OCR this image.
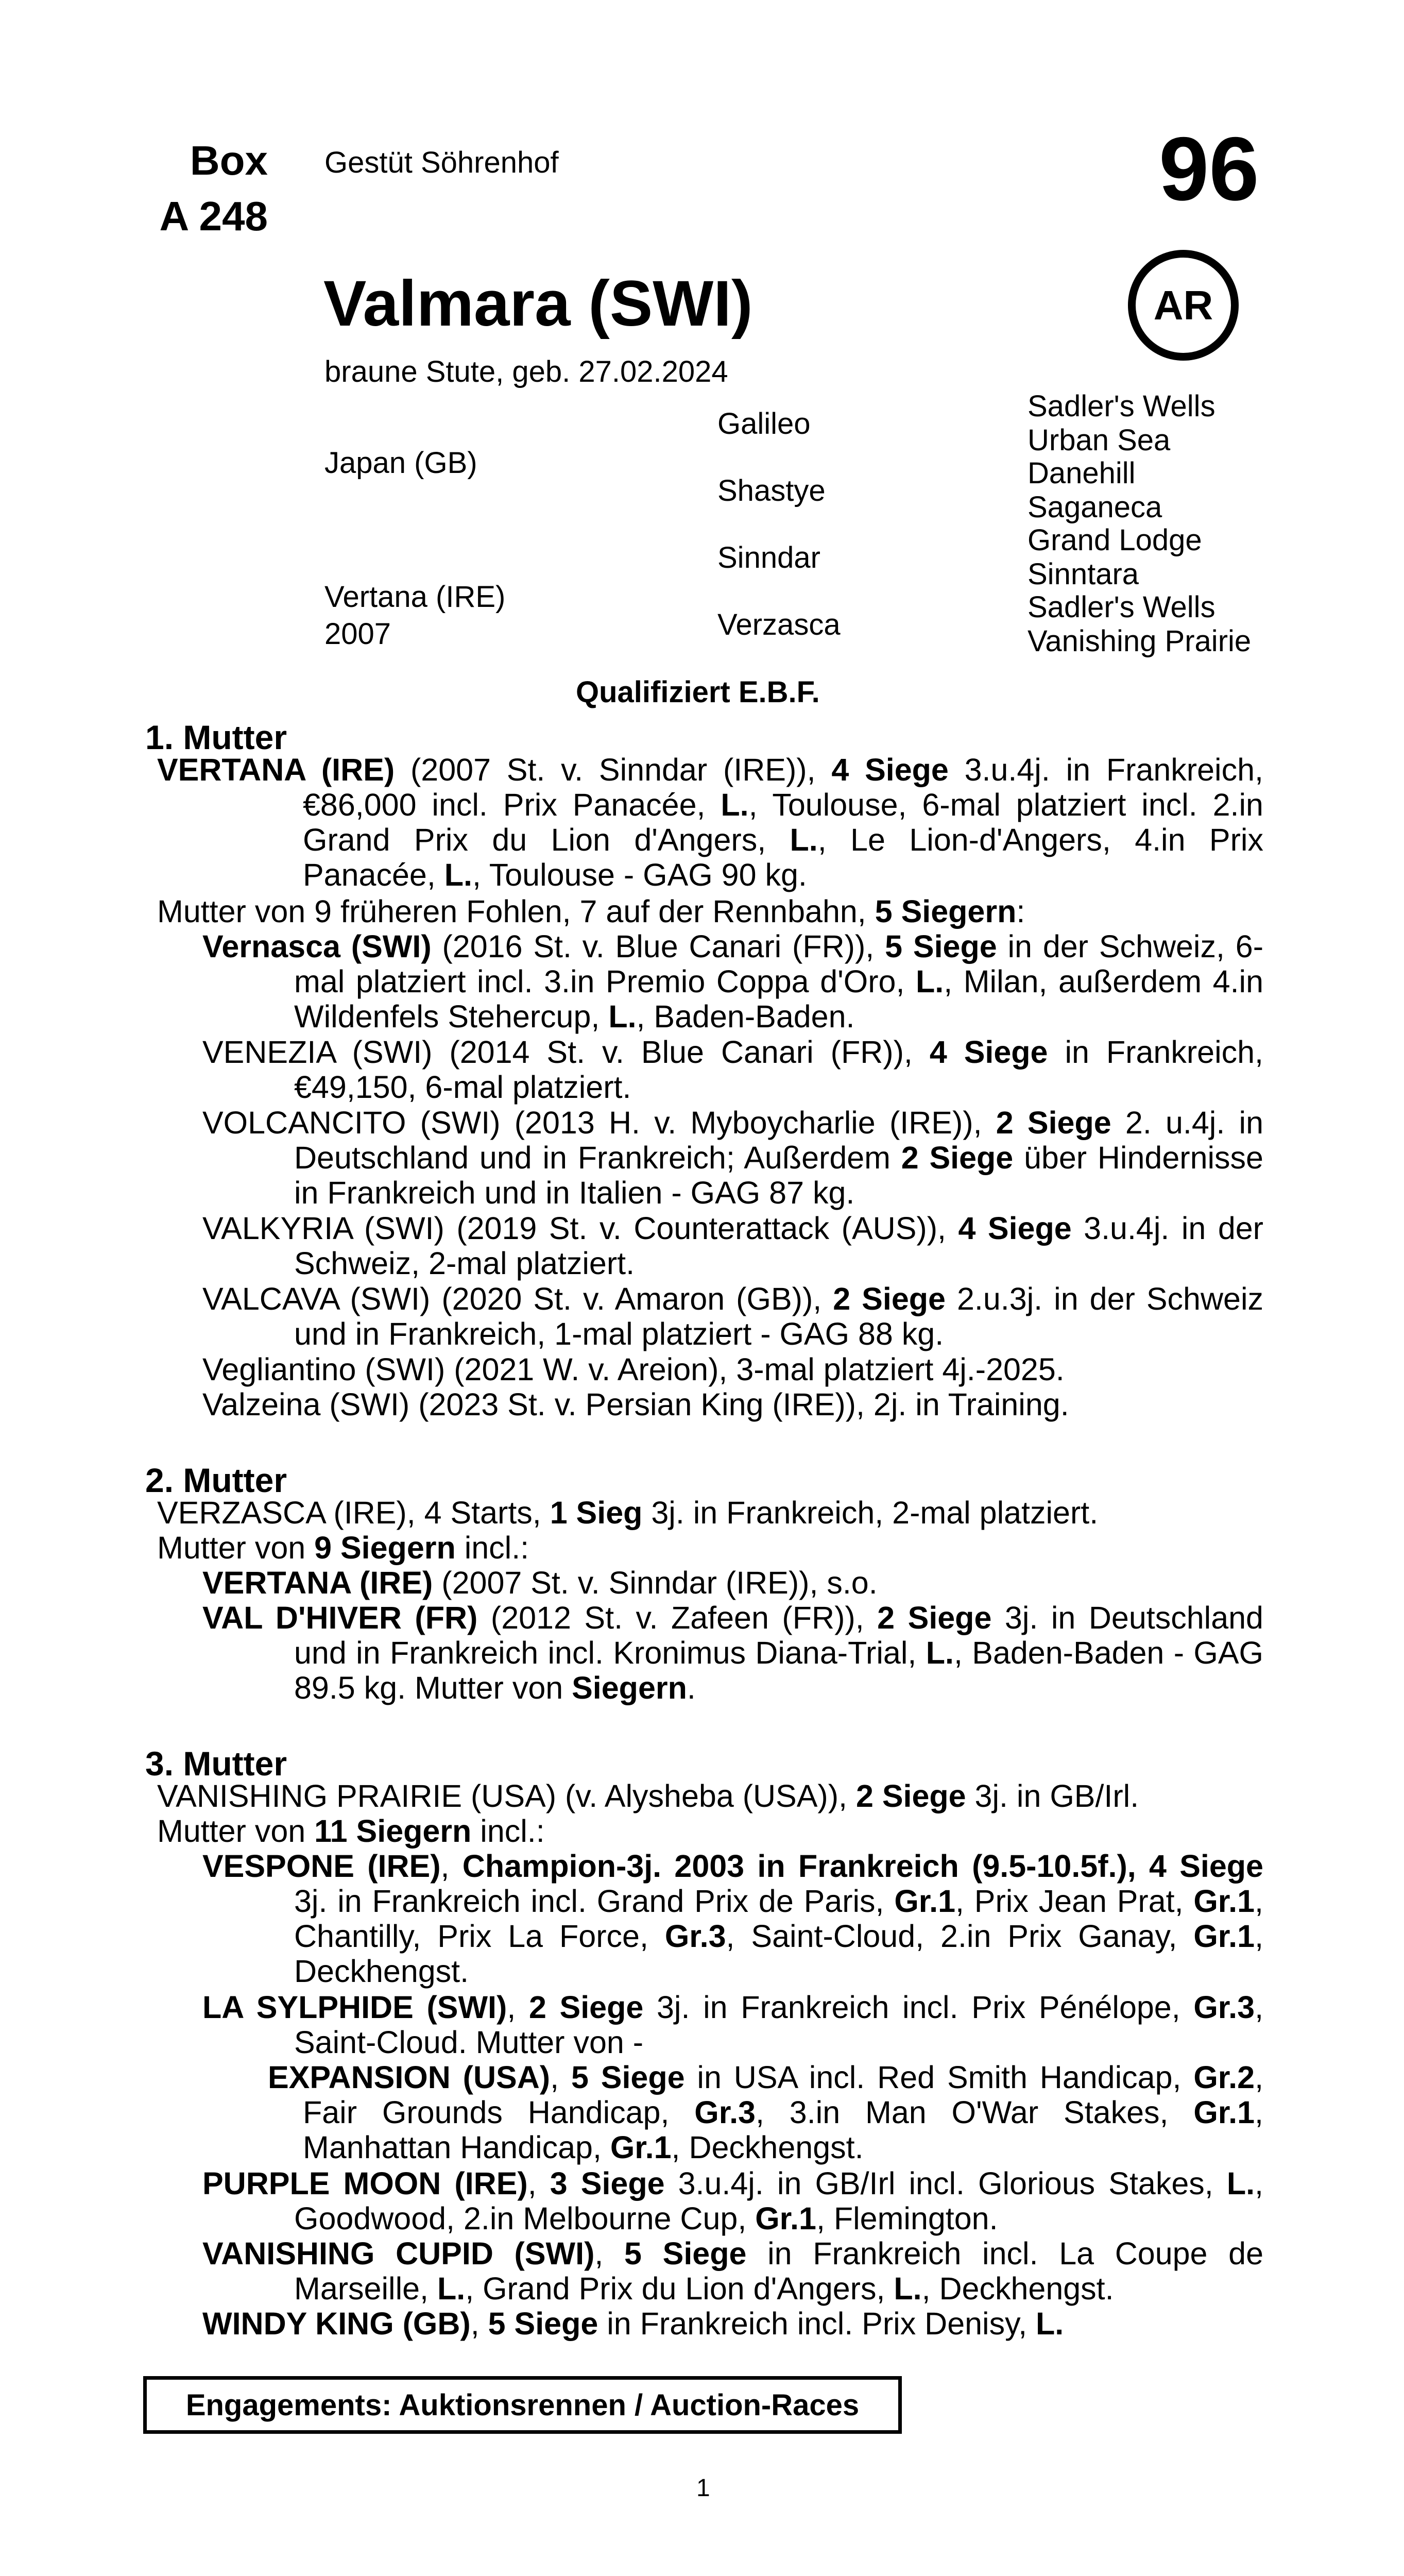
Box
A 248
Gestüt Söhrenhof	96
AR
Valmara (SWI)
braune Stute, geb. 27.02.2024
Japan (GB)
Vertana (IRE)
2007
Galileo
Shastye
Sinndar
Verzasca
Sadler's Wells
Urban Sea
Danehill
Saganeca
Grand Lodge
Sinntara
Sadler's Wells
Vanishing Prairie
Qualifiziert E.B.F.
1. Mutter
VERTANA (IRE) (2007 St. v. Sinndar (IRE)), 4 Siege 3.u.4j. in Frankreich, €86,000 incl. Prix Panacée, L., Toulouse, 6-mal platziert incl. 2.in Grand Prix du Lion d'Angers, L., Le Lion-d'Angers, 4.in Prix Panacée, L., Toulouse - GAG 90 kg.
Mutter von 9 früheren Fohlen, 7 auf der Rennbahn, 5 Siegern:
Vernasca (SWI) (2016 St. v. Blue Canari (FR)), 5 Siege in der Schweiz, 6-mal platziert incl. 3.in Premio Coppa d'Oro, L., Milan, außerdem 4.in Wildenfels Stehercup, L., Baden-Baden.
VENEZIA (SWI) (2014 St. v. Blue Canari (FR)), 4 Siege in Frankreich, €49,150, 6-mal platziert.
VOLCANCITO (SWI) (2013 H. v. Myboycharlie (IRE)), 2 Siege 2. u.4j. in Deutschland und in Frankreich; Außerdem 2 Siege über Hindernisse in Frankreich und in Italien - GAG 87 kg.
VALKYRIA (SWI) (2019 St. v. Counterattack (AUS)), 4 Siege 3.u.4j. in der Schweiz, 2-mal platziert.
VALCAVA (SWI) (2020 St. v. Amaron (GB)), 2 Siege 2.u.3j. in der Schweiz und in Frankreich, 1-mal platziert - GAG 88 kg.
Vegliantino (SWI) (2021 W. v. Areion), 3-mal platziert 4j.-2025.
Valzeina (SWI) (2023 St. v. Persian King (IRE)), 2j. in Training.
2. Mutter
VERZASCA (IRE), 4 Starts, 1 Sieg 3j. in Frankreich, 2-mal platziert.
Mutter von 9 Siegern incl.:
VERTANA (IRE) (2007 St. v. Sinndar (IRE)), s.o.
VAL D'HIVER (FR) (2012 St. v. Zafeen (FR)), 2 Siege 3j. in Deutschland und in Frankreich incl. Kronimus Diana-Trial, L., Baden-Baden - GAG 89.5 kg. Mutter von Siegern.
3. Mutter
VANISHING PRAIRIE (USA) (v. Alysheba (USA)), 2 Siege 3j. in GB/Irl.
Mutter von 11 Siegern incl.:
VESPONE (IRE), Champion-3j. 2003 in Frankreich (9.5-10.5f.), 4 Siege 3j. in Frankreich incl. Grand Prix de Paris, Gr.1, Prix Jean Prat, Gr.1, Chantilly, Prix La Force, Gr.3, Saint-Cloud, 2.in Prix Ganay, Gr.1, Deckhengst.
LA SYLPHIDE (SWI), 2 Siege 3j. in Frankreich incl. Prix Pénélope, Gr.3, Saint-Cloud. Mutter von -
EXPANSION (USA), 5 Siege in USA incl. Red Smith Handicap, Gr.2, Fair Grounds Handicap, Gr.3, 3.in Man O'War Stakes, Gr.1, Manhattan Handicap, Gr.1, Deckhengst.
PURPLE MOON (IRE), 3 Siege 3.u.4j. in GB/Irl incl. Glorious Stakes, L., Goodwood, 2.in Melbourne Cup, Gr.1, Flemington.
VANISHING CUPID (SWI), 5 Siege in Frankreich incl. La Coupe de Marseille, L., Grand Prix du Lion d'Angers, L., Deckhengst.
WINDY KING (GB), 5 Siege in Frankreich incl. Prix Denisy, L.
Engagements: Auktionsrennen / Auction-Races
1
